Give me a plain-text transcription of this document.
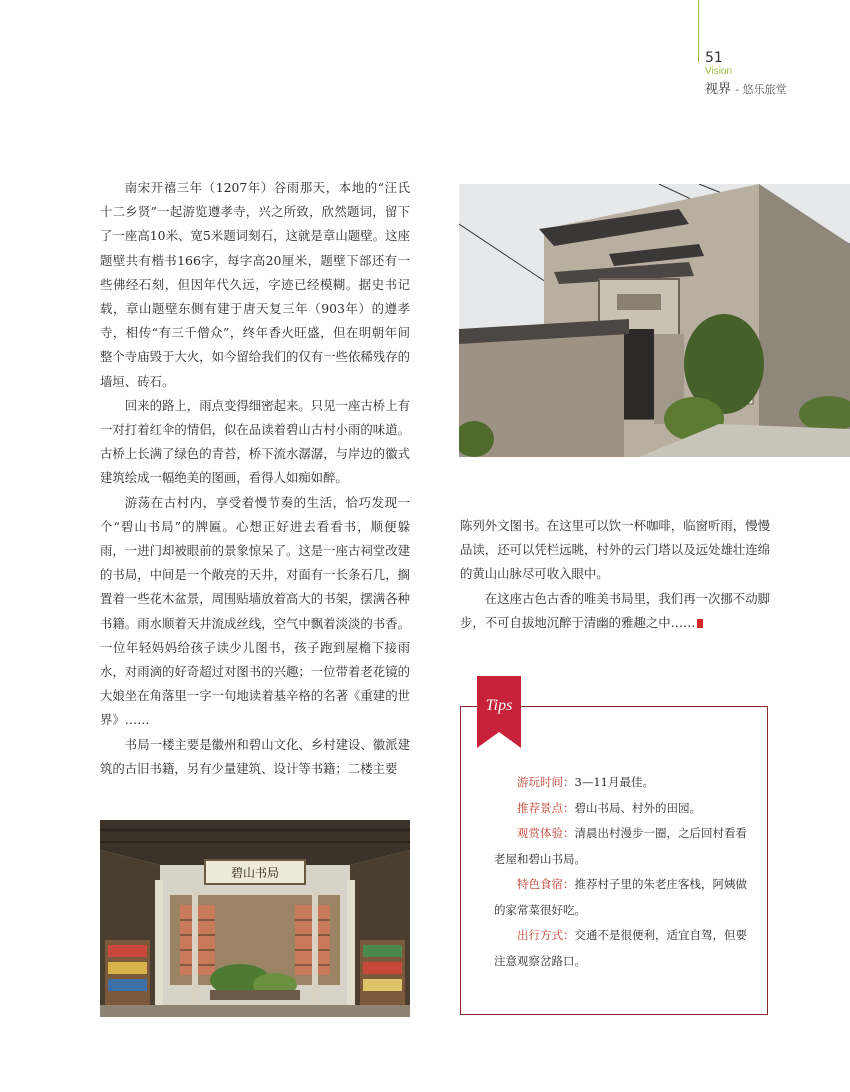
51
Vision
视界 - 悠乐旅堂

南宋开禧三年（1207年）谷雨那天，本地的“汪氏十二乡贤”一起游览遵孝寺，兴之所致，欣然题词，留下了一座高10米、宽5米题词刻石，这就是章山题壁。这座题壁共有楷书166字，每字高20厘米，题壁下部还有一些佛经石刻，但因年代久远，字迹已经模糊。据史书记载，章山题壁东侧有建于唐天复三年（903年）的遵孝寺，相传“有三千僧众”，终年香火旺盛，但在明朝年间整个寺庙毁于大火，如今留给我们的仅有一些依稀残存的墙垣、砖石。

回来的路上，雨点变得细密起来。只见一座古桥上有一对打着红伞的情侣，似在品读着碧山古村小雨的味道。古桥上长满了绿色的青苔，桥下流水潺潺，与岸边的徽式建筑绘成一幅绝美的图画，看得人如痴如醉。

游荡在古村内，享受着慢节奏的生活，恰巧发现一个“碧山书局”的牌匾。心想正好进去看看书，顺便躲雨，一进门却被眼前的景象惊呆了。这是一座古祠堂改建的书局，中间是一个敞亮的天井，对面有一长条石几，搁置着一些花木盆景，周围贴墙放着高大的书架，摆满各种书籍。雨水顺着天井流成丝线，空气中飘着淡淡的书香。一位年轻妈妈给孩子读少儿图书，孩子跑到屋檐下接雨水，对雨滴的好奇超过对图书的兴趣；一位带着老花镜的大娘坐在角落里一字一句地读着基辛格的名著《重建的世界》……

书局一楼主要是徽州和碧山文化、乡村建设、徽派建筑的古旧书籍，另有少量建筑、设计等书籍；二楼主要

陈列外文图书。在这里可以饮一杯咖啡，临窗听雨，慢慢品读，还可以凭栏远眺，村外的云门塔以及远处雄壮连绵的黄山山脉尽可收入眼中。

在这座古色古香的唯美书局里，我们再一次挪不动脚步，不可自拔地沉醉于清幽的雅趣之中……

碧山书局
Tips
游玩时间：3—11月最佳。
推荐景点：碧山书局、村外的田园。
观赏体验：清晨出村漫步一圈，之后回村看看老屋和碧山书局。
特色食宿：推荐村子里的朱老庄客栈，阿姨做的家常菜很好吃。
出行方式：交通不是很便利，适宜自驾，但要注意观察岔路口。
